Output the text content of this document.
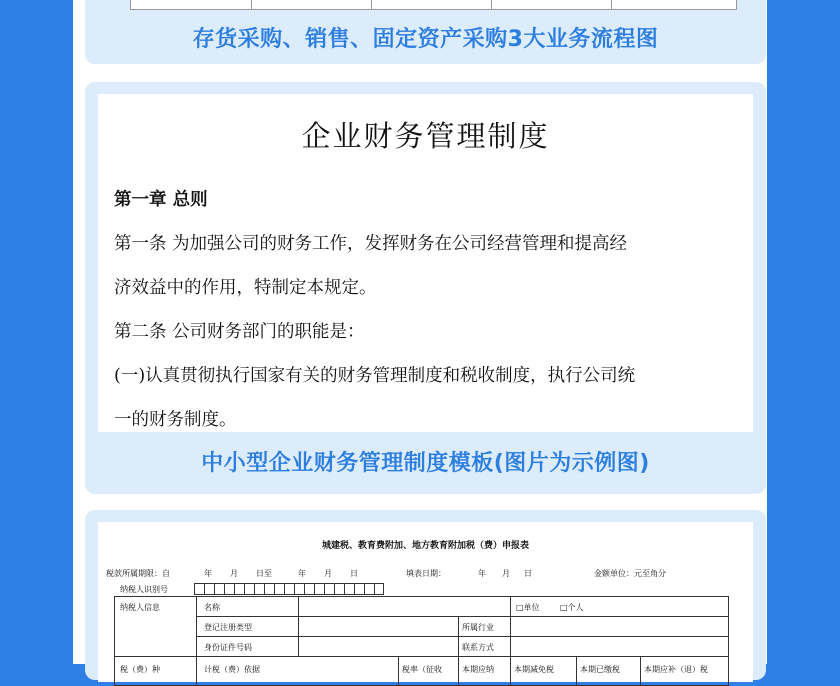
存货采购、销售、固定资产采购3大业务流程图
企业财务管理制度
第一章 总则
第一条 为加强公司的财务工作，发挥财务在公司经营管理和提高经
济效益中的作用，特制定本规定。
第二条 公司财务部门的职能是：
(一)认真贯彻执行国家有关的财务管理制度和税收制度，执行公司统
一的财务制度。
中小型企业财务管理制度模板(图片为示例图)
城建税、教育费附加、地方教育附加税（费）申报表
税款所属期限：自	年 月 日至	年 月 日	填表日期：	年 月 日	金额单位：元至角分
纳税人识别号
纳税人信息	名称	□单位	□个人
登记注册类型	所属行业
身份证件号码	联系方式
税（费）种	计税（费）依据	税率（征收	本期应纳	本期减免税	本期已缴税	本期应补（退）税
